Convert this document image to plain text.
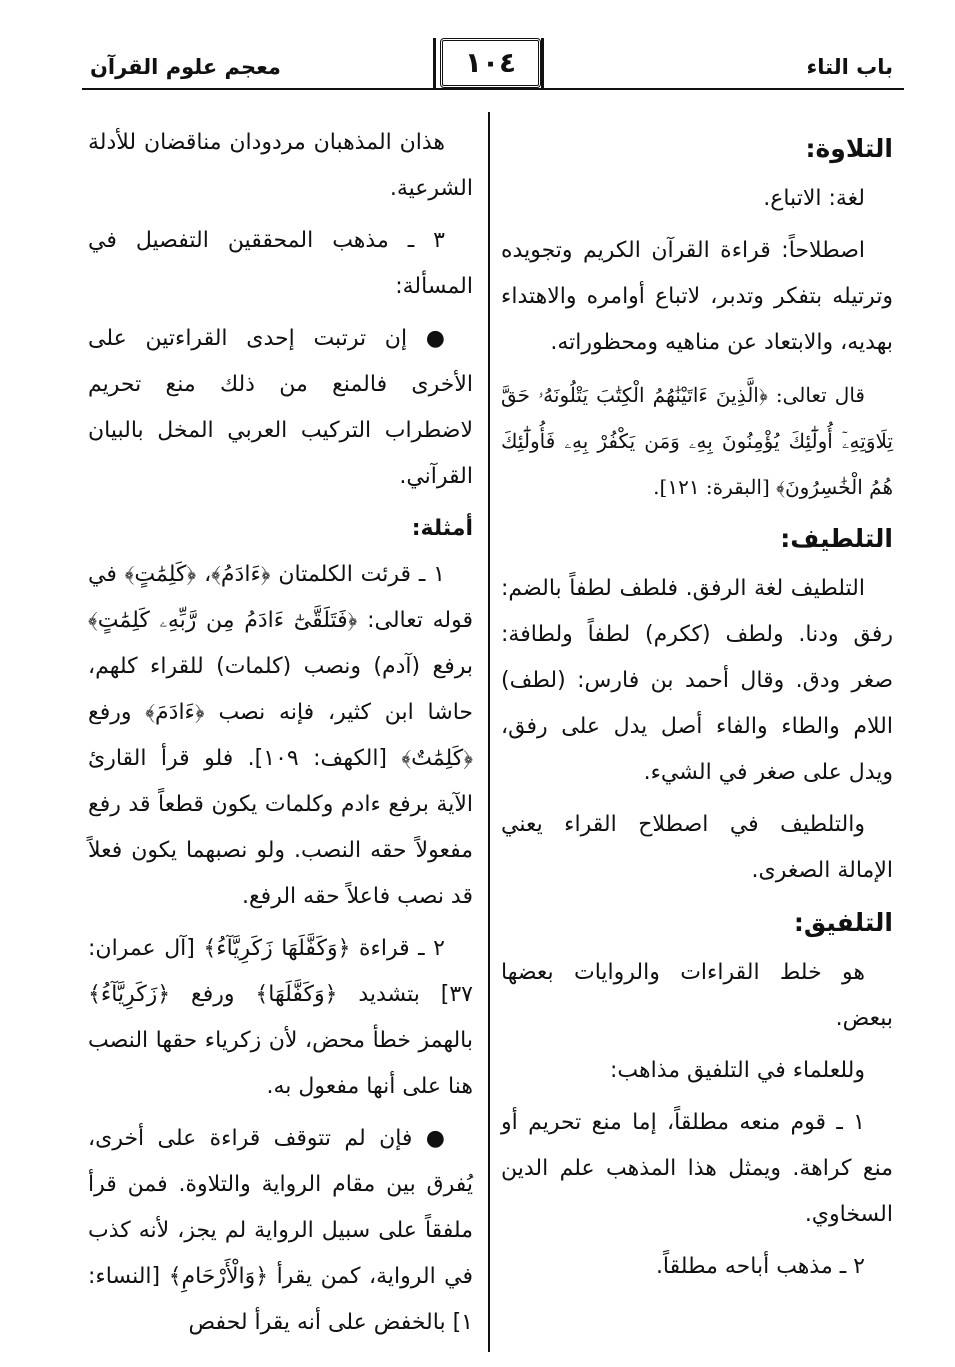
باب التاء
١٠٤
معجم علوم القرآن

التلاوة:

لغة: الاتباع.

اصطلاحاً: قراءة القرآن الكريم وتجويده وترتيله بتفكر وتدبر، لاتباع أوامره والاهتداء بهديه، والابتعاد عن مناهيه ومحظوراته.

قال تعالى: ﴿الَّذِينَ ءَاتَيْنَٰهُمُ الْكِتَٰبَ يَتْلُونَهُۥ حَقَّ تِلَاوَتِهِۦٓ أُولَٰٓئِكَ يُؤْمِنُونَ بِهِۦ وَمَن يَكْفُرْ بِهِۦ فَأُولَٰٓئِكَ هُمُ الْخَٰسِرُونَ﴾ [البقرة: ١٢١].

التلطيف:

التلطيف لغة الرفق. فلطف لطفاً بالضم: رفق ودنا. ولطف (ككرم) لطفاً ولطافة: صغر ودق. وقال أحمد بن فارس: (لطف) اللام والطاء والفاء أصل يدل على رفق، ويدل على صغر في الشيء.

والتلطيف في اصطلاح القراء يعني الإمالة الصغرى.

التلفيق:

هو خلط القراءات والروايات بعضها ببعض.

وللعلماء في التلفيق مذاهب:

١ ـ قوم منعه مطلقاً، إما منع تحريم أو منع كراهة. ويمثل هذا المذهب علم الدين السخاوي.

٢ ـ مذهب أباحه مطلقاً.

هذان المذهبان مردودان مناقضان للأدلة الشرعية.

٣ ـ مذهب المحققين التفصيل في المسألة:

● إن ترتبت إحدى القراءتين على الأخرى فالمنع من ذلك منع تحريم لاضطراب التركيب العربي المخل بالبيان القرآني.

أمثلة:

١ ـ قرئت الكلمتان ﴿ءَادَمُ﴾، ﴿كَلِمَٰتٍ﴾ في قوله تعالى: ﴿فَتَلَقَّىٰٓ ءَادَمُ مِن رَّبِّهِۦ كَلِمَٰتٍ﴾ برفع (آدم) ونصب (كلمات) للقراء كلهم، حاشا ابن كثير، فإنه نصب ﴿ءَادَمَ﴾ ورفع ﴿كَلِمَٰتٌ﴾ [الكهف: ١٠٩]. فلو قرأ القارئ الآية برفع ءادم وكلمات يكون قطعاً قد رفع مفعولاً حقه النصب. ولو نصبهما يكون فعلاً قد نصب فاعلاً حقه الرفع.

٢ ـ قراءة ﴿وَكَفَّلَهَا زَكَرِيَّآءُ﴾ [آل عمران: ٣٧] بتشديد ﴿وَكَفَّلَهَا﴾ ورفع ﴿زَكَرِيَّآءُ﴾ بالهمز خطأ محض، لأن زكرياء حقها النصب هنا على أنها مفعول به.

● فإن لم تتوقف قراءة على أخرى، يُفرق بين مقام الرواية والتلاوة. فمن قرأ ملفقاً على سبيل الرواية لم يجز، لأنه كذب في الرواية، كمن يقرأ ﴿وَالْأَرْحَامِ﴾ [النساء: ١] بالخفض على أنه يقرأ لحفص
